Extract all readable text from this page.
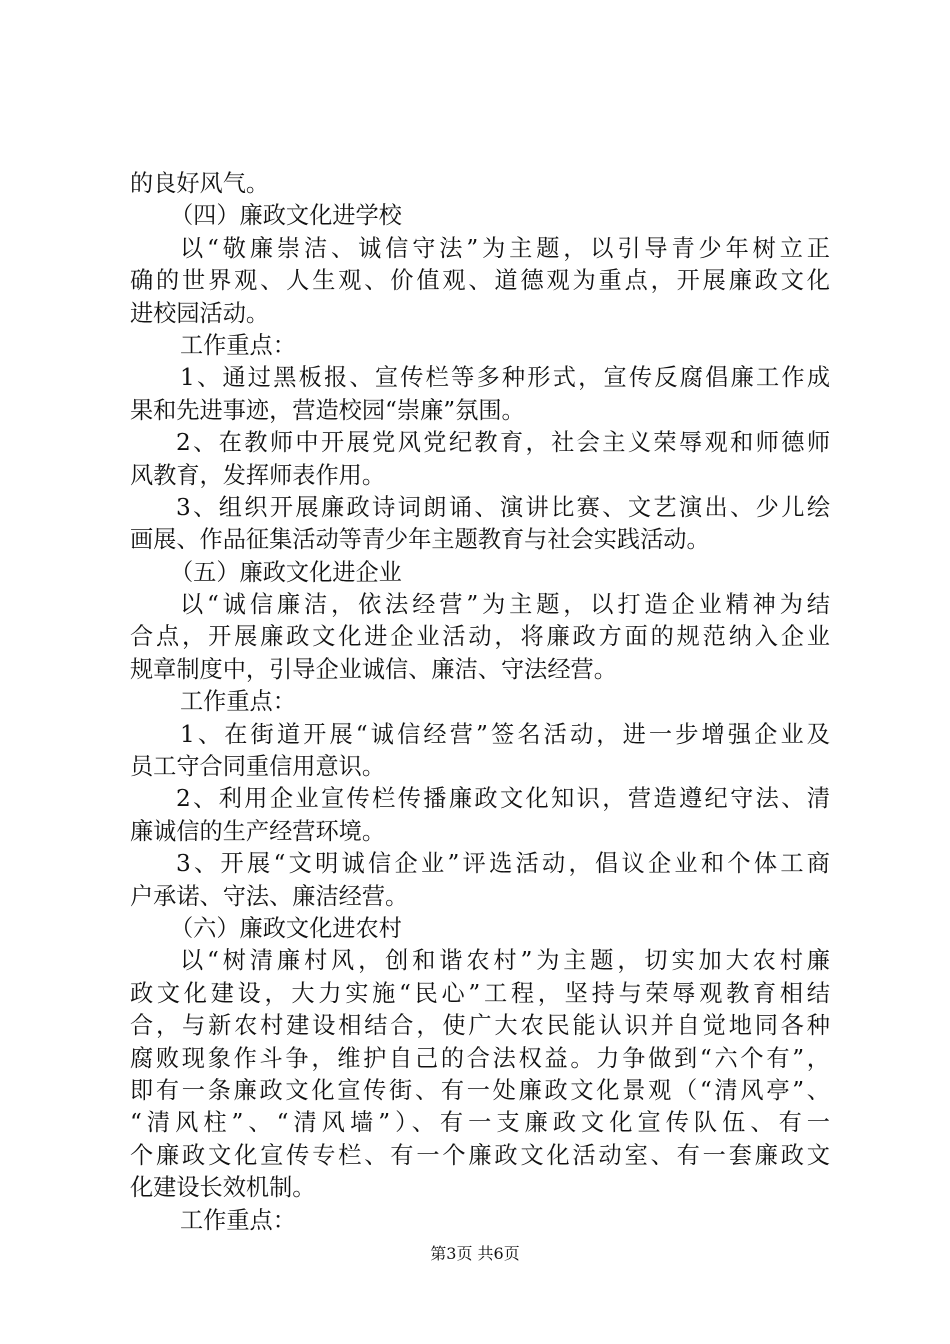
的良好风气。
（四）廉政文化进学校
以“敬廉崇洁、诚信守法”为主题，以引导青少年树立正
确的世界观、人生观、价值观、道德观为重点，开展廉政文化
进校园活动。
工作重点：
1、通过黑板报、宣传栏等多种形式，宣传反腐倡廉工作成
果和先进事迹，营造校园“崇廉”氛围。
2、在教师中开展党风党纪教育，社会主义荣辱观和师德师
风教育，发挥师表作用。
3、组织开展廉政诗词朗诵、演讲比赛、文艺演出、少儿绘
画展、作品征集活动等青少年主题教育与社会实践活动。
（五）廉政文化进企业
以“诚信廉洁，依法经营”为主题，以打造企业精神为结
合点，开展廉政文化进企业活动，将廉政方面的规范纳入企业
规章制度中，引导企业诚信、廉洁、守法经营。
工作重点：
1、在街道开展“诚信经营”签名活动，进一步增强企业及
员工守合同重信用意识。
2、利用企业宣传栏传播廉政文化知识，营造遵纪守法、清
廉诚信的生产经营环境。
3、开展“文明诚信企业”评选活动，倡议企业和个体工商
户承诺、守法、廉洁经营。
（六）廉政文化进农村
以“树清廉村风，创和谐农村”为主题，切实加大农村廉
政文化建设，大力实施“民心”工程，坚持与荣辱观教育相结
合，与新农村建设相结合，使广大农民能认识并自觉地同各种
腐败现象作斗争，维护自己的合法权益。力争做到“六个有”，
即有一条廉政文化宣传街、有一处廉政文化景观（“清风亭”、
“清风柱”、“清风墙”）、有一支廉政文化宣传队伍、有一
个廉政文化宣传专栏、有一个廉政文化活动室、有一套廉政文
化建设长效机制。
工作重点：
第3页 共6页
